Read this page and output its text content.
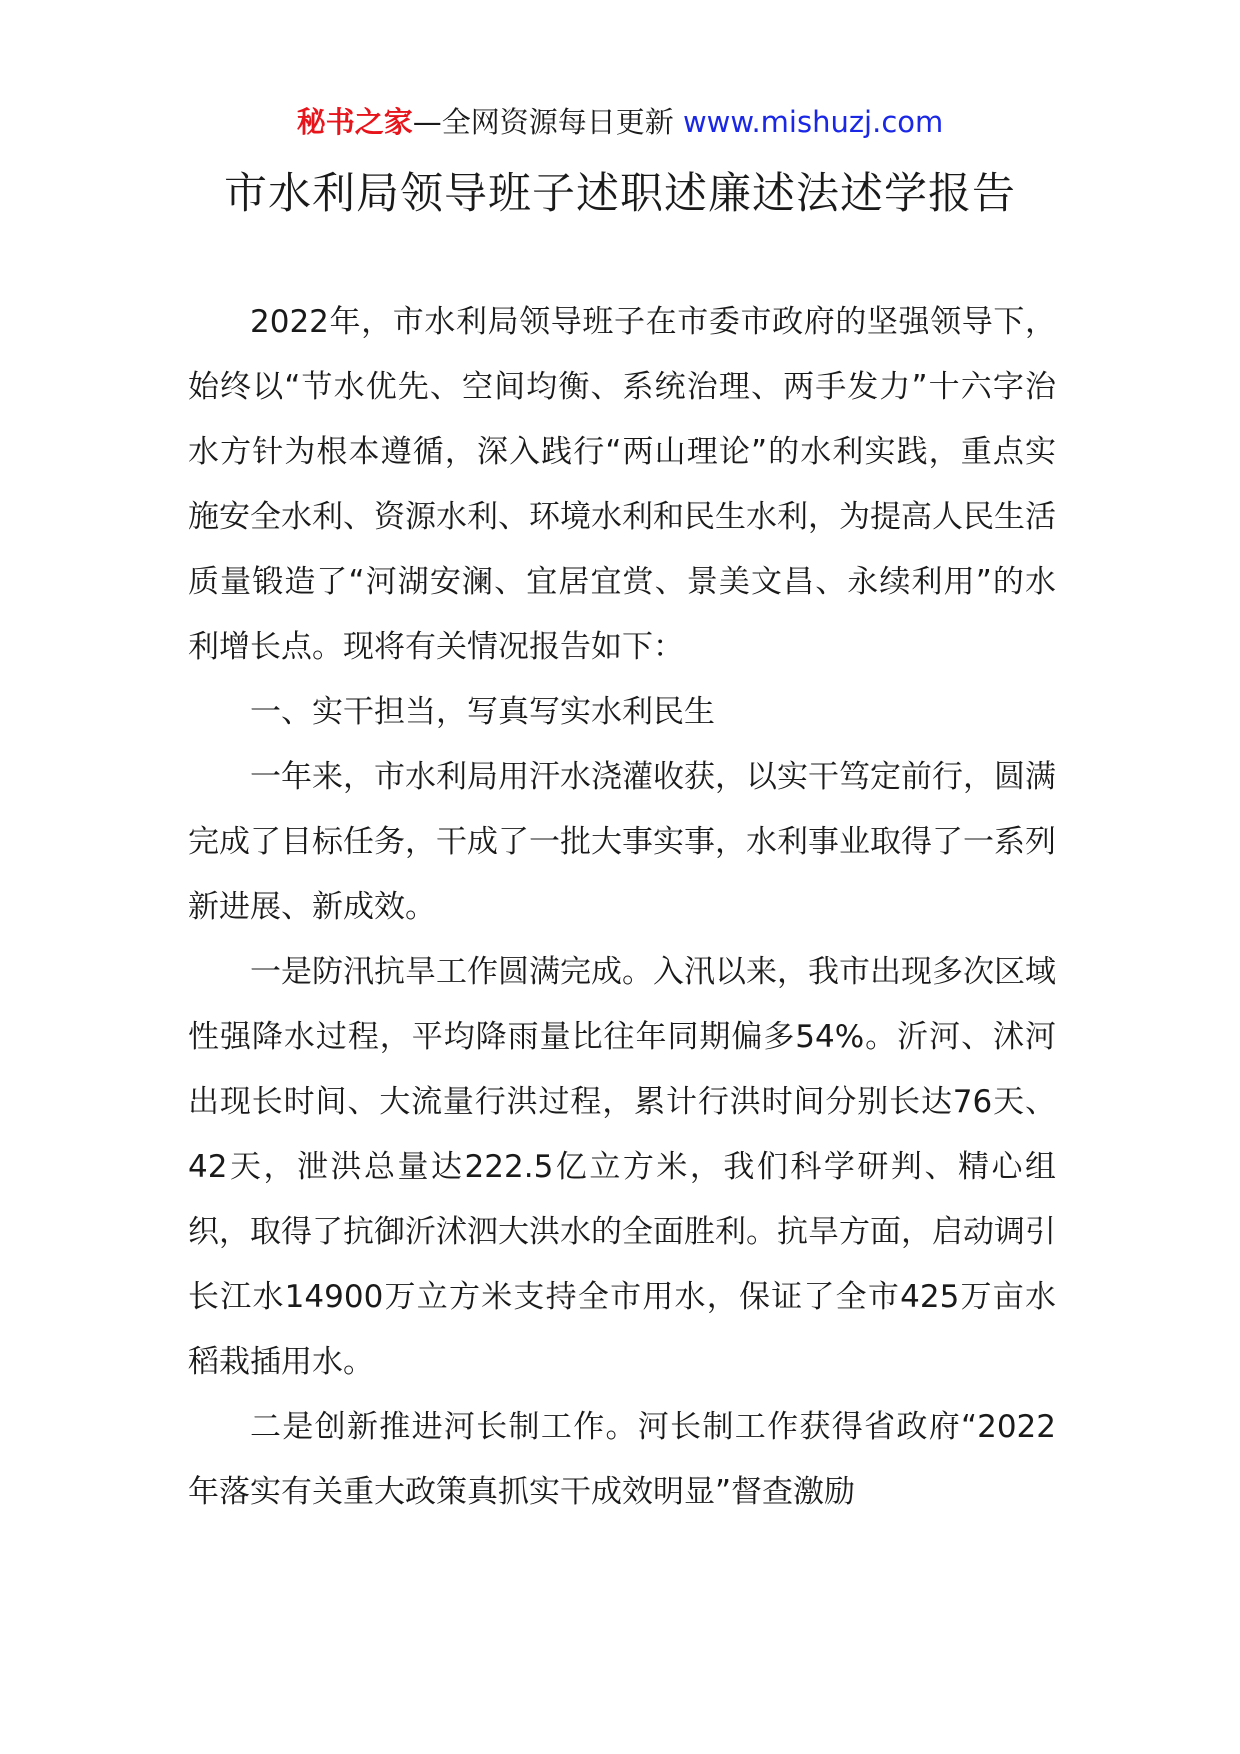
秘书之家—全网资源每日更新 www.mishuzj.com
市水利局领导班子述职述廉述法述学报告

2022年，市水利局领导班子在市委市政府的坚强领导下，始终以“节水优先、空间均衡、系统治理、两手发力”十六字治水方针为根本遵循，深入践行“两山理论”的水利实践，重点实施安全水利、资源水利、环境水利和民生水利，为提高人民生活质量锻造了“河湖安澜、宜居宜赏、景美文昌、永续利用”的水利增长点。现将有关情况报告如下：

一、实干担当，写真写实水利民生

一年来，市水利局用汗水浇灌收获，以实干笃定前行，圆满完成了目标任务，干成了一批大事实事，水利事业取得了一系列新进展、新成效。

一是防汛抗旱工作圆满完成。入汛以来，我市出现多次区域性强降水过程，平均降雨量比往年同期偏多54%。沂河、沭河出现长时间、大流量行洪过程，累计行洪时间分别长达76天、42天，泄洪总量达222.5亿立方米，我们科学研判、精心组织，取得了抗御沂沭泗大洪水的全面胜利。抗旱方面，启动调引长江水14900万立方米支持全市用水，保证了全市425万亩水稻栽插用水。

二是创新推进河长制工作。河长制工作获得省政府“2022年落实有关重大政策真抓实干成效明显”督查激励
